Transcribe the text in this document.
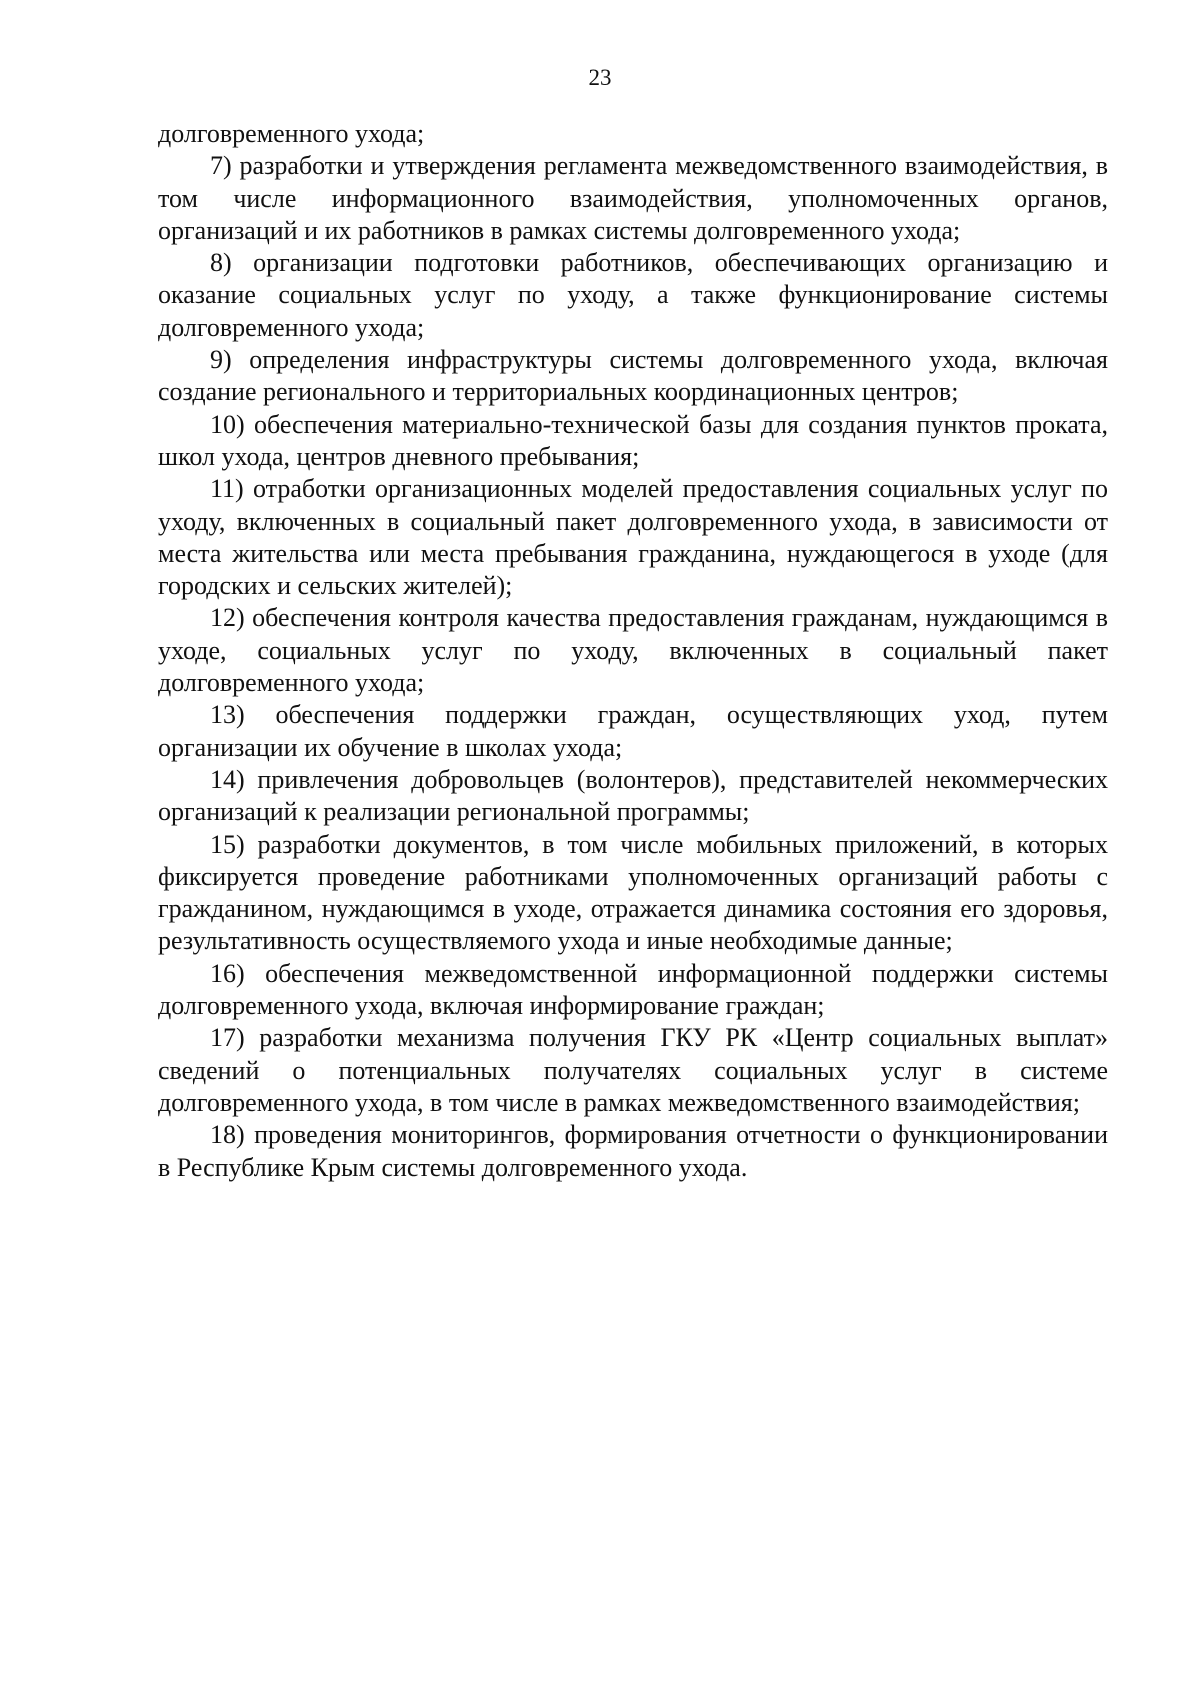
23

долговременного ухода;

7) разработки и утверждения регламента межведомственного взаимодействия, в том числе информационного взаимодействия, уполномоченных органов, организаций и их работников в рамках системы долговременного ухода;

8) организации подготовки работников, обеспечивающих организацию и оказание социальных услуг по уходу, а также функционирование системы долговременного ухода;

9) определения инфраструктуры системы долговременного ухода, включая создание регионального и территориальных координационных центров;

10) обеспечения материально-технической базы для создания пунктов проката, школ ухода, центров дневного пребывания;

11) отработки организационных моделей предоставления социальных услуг по уходу, включенных в социальный пакет долговременного ухода, в зависимости от места жительства или места пребывания гражданина, нуждающегося в уходе (для городских и сельских жителей);

12) обеспечения контроля качества предоставления гражданам, нуждающимся в уходе, социальных услуг по уходу, включенных в социальный пакет долговременного ухода;

13) обеспечения поддержки граждан, осуществляющих уход, путем организации их обучение в школах ухода;

14) привлечения добровольцев (волонтеров), представителей некоммерческих организаций к реализации региональной программы;

15) разработки документов, в том числе мобильных приложений, в которых фиксируется проведение работниками уполномоченных организаций работы с гражданином, нуждающимся в уходе, отражается динамика состояния его здоровья, результативность осуществляемого ухода и иные необходимые данные;

16) обеспечения межведомственной информационной поддержки системы долговременного ухода, включая информирование граждан;

17) разработки механизма получения ГКУ РК «Центр социальных выплат» сведений о потенциальных получателях социальных услуг в системе долговременного ухода, в том числе в рамках межведомственного взаимодействия;

18) проведения мониторингов, формирования отчетности о функционировании в Республике Крым системы долговременного ухода.
